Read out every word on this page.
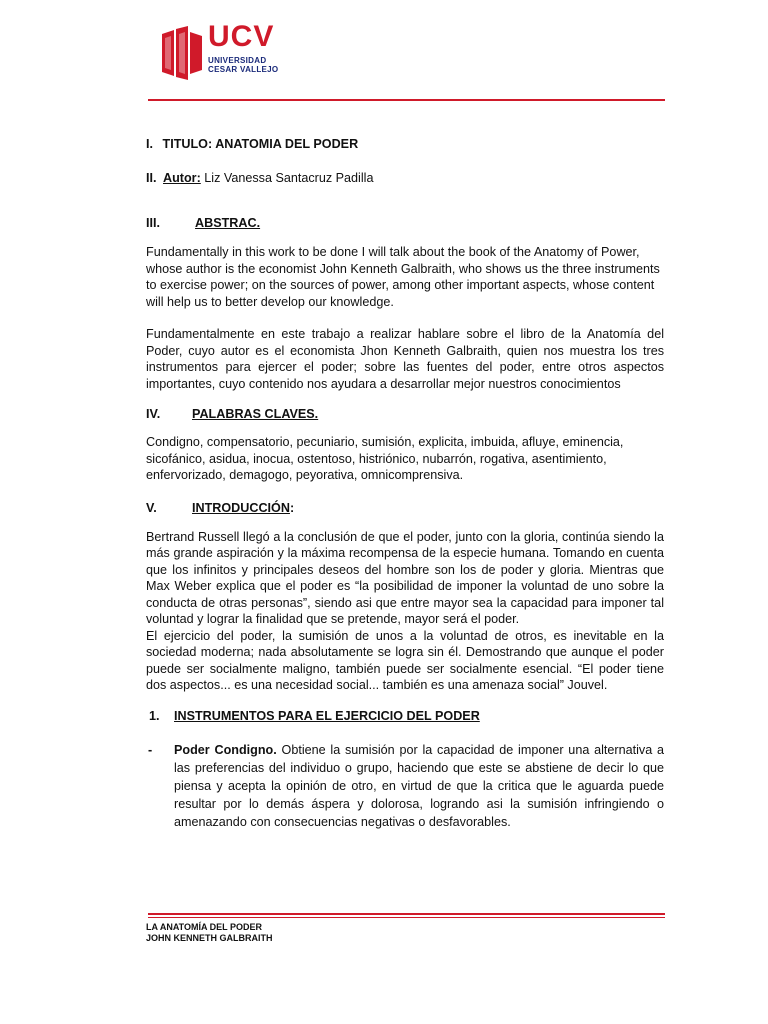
UCV
UNIVERSIDAD
CESAR VALLEJO
I. TITULO: ANATOMIA DEL PODER
II. Autor: Liz Vanessa Santacruz Padilla
III.	ABSTRAC.

Fundamentally in this work to be done I will talk about the book of the Anatomy of Power, whose author is the economist John Kenneth Galbraith, who shows us the three instruments to exercise power; on the sources of power, among other important aspects, whose content will help us to better develop our knowledge.

Fundamentalmente en este trabajo a realizar hablare sobre el libro de la Anatomía del Poder, cuyo autor es el economista Jhon Kenneth Galbraith, quien nos muestra los tres instrumentos para ejercer el poder; sobre las fuentes del poder, entre otros aspectos importantes, cuyo contenido nos ayudara a desarrollar mejor nuestros conocimientos

IV.	PALABRAS CLAVES.

Condigno, compensatorio, pecuniario, sumisión, explicita, imbuida, afluye, eminencia, sicofánico, asidua, inocua, ostentoso, histriónico, nubarrón, rogativa, asentimiento, enfervorizado, demagogo, peyorativa, omnicomprensiva.

V.	INTRODUCCIÓN:

Bertrand Russell llegó a la conclusión de que el poder, junto con la gloria, continúa siendo la más grande aspiración y la máxima recompensa de la especie humana. Tomando en cuenta que los infinitos y principales deseos del hombre son los de poder y gloria. Mientras que Max Weber explica que el poder es “la posibilidad de imponer la voluntad de uno sobre la conducta de otras personas”, siendo asi que entre mayor sea la capacidad para imponer tal voluntad y lograr la finalidad que se pretende, mayor será el poder.

El ejercicio del poder, la sumisión de unos a la voluntad de otros, es inevitable en la sociedad moderna; nada absolutamente se logra sin él. Demostrando que aunque el poder puede ser socialmente maligno, también puede ser socialmente esencial. “El poder tiene dos aspectos... es una necesidad social... también es una amenaza social” Jouvel.

1. INSTRUMENTOS PARA EL EJERCICIO DEL PODER
- Poder Condigno. Obtiene la sumisión por la capacidad de imponer una alternativa a las preferencias del individuo o grupo, haciendo que este se abstiene de decir lo que piensa y acepta la opinión de otro, en virtud de que la critica que le aguarda puede resultar por lo demás áspera y dolorosa, logrando asi la sumisión infringiendo o amenazando con consecuencias negativas o desfavorables.

LA ANATOMÍA DEL PODER
JOHN KENNETH GALBRAITH
